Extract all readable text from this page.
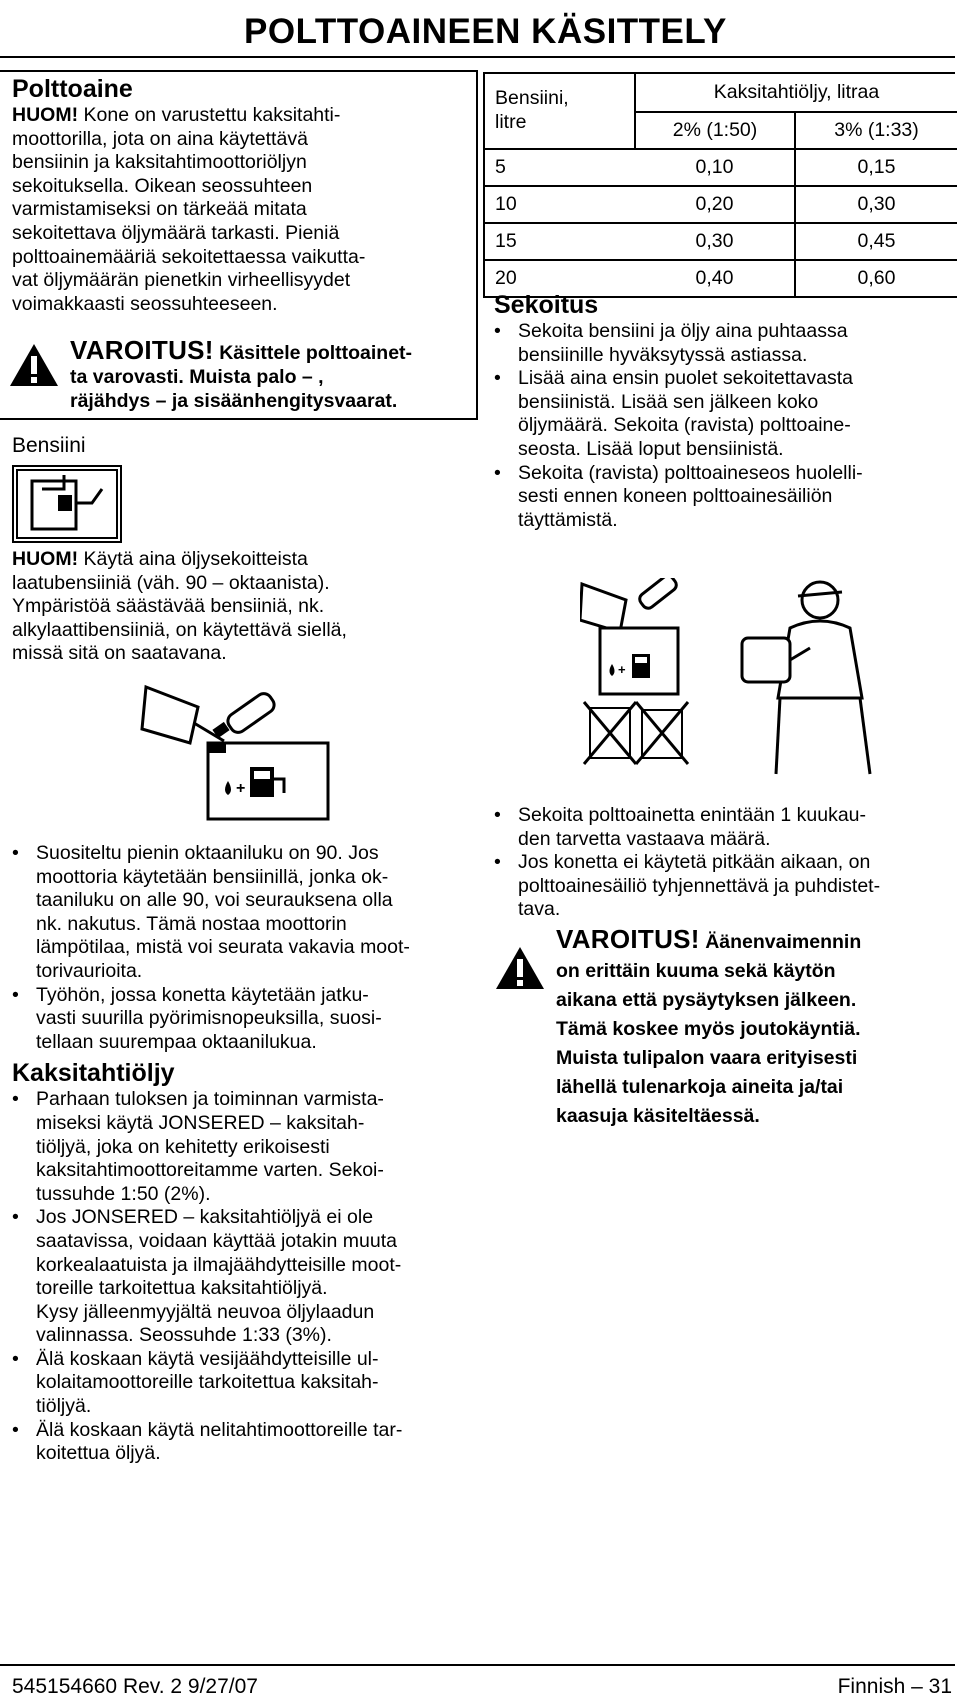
POLTTOAINEEN KÄSITTELY
Polttoaine
HUOM! Kone on varustettu kaksitahti-
moottorilla, jota on aina käytettävä
bensiinin ja kaksitahtimoottoriöljyn
sekoituksella. Oikean seossuhteen
varmistamiseksi on tärkeää mitata
sekoitettava öljymäärä tarkasti. Pieniä
polttoainemääriä sekoitettaessa vaikutta-
vat öljymäärän pienetkin virheellisyydet
voimakkaasti seossuhteeseen.
VAROITUS! Käsittele polttoainet-
ta varovasti. Muista palo – ,
räjähdys – ja sisäänhengitysvaarat.
Bensiini
HUOM! Käytä aina öljysekoitteista
laatubensiiniä (väh. 90 – oktaanista).
Ympäristöä säästävää bensiiniä, nk.
alkylaattibensiiniä, on käytettävä siellä,
missä sitä on saatavana.
+
• Suositeltu pienin oktaaniluku on 90. Jos
moottoria käytetään bensiinillä, jonka ok-
taaniluku on alle 90, voi seurauksena olla
nk. nakutus. Tämä nostaa moottorin
lämpötilaa, mistä voi seurata vakavia moot-
torivaurioita.
• Työhön, jossa konetta käytetään jatku-
vasti suurilla pyörimisnopeuksilla, suosi-
tellaan suurempaa oktaanilukua.
Kaksitahtiöljy
• Parhaan tuloksen ja toiminnan varmista-
miseksi käytä JONSERED – kaksitah-
tiöljyä, joka on kehitetty erikoisesti
kaksitahtimoottoreitamme varten. Sekoi-
tussuhde 1:50 (2%).
• Jos JONSERED – kaksitahtiöljyä ei ole
saatavissa, voidaan käyttää jotakin muuta
korkealaatuista ja ilmajäähdytteisille moot-
toreille tarkoitettua kaksitahtiöljyä.
Kysy jälleenmyyjältä neuvoa öljylaadun
valinnassa. Seossuhde 1:33 (3%).
• Älä koskaan käytä vesijäähdytteisille ul-
kolaitamoottoreille tarkoitettua kaksitah-
tiöljyä.
• Älä koskaan käytä nelitahtimoottoreille tar-
koitettua öljyä.
Bensiini,
litre	Kaksitahtiöljy, litraa	
	2% (1:50)	3% (1:33)
5	0,10	0,15
10	0,20	0,30
15	0,30	0,45
20	0,40	0,60
Sekoitus
• Sekoita bensiini ja öljy aina puhtaassa
bensiinille hyväksytyssä astiassa.
• Lisää aina ensin puolet sekoitettavasta
bensiinistä. Lisää sen jälkeen koko
öljymäärä. Sekoita (ravista) polttoaine-
seosta. Lisää loput bensiinistä.
• Sekoita (ravista) polttoaineseos huolelli-
sesti ennen koneen polttoainesäiliön
täyttämistä.
+
• Sekoita polttoainetta enintään 1 kuukau-
den tarvetta vastaava määrä.
• Jos konetta ei käytetä pitkään aikaan, on
polttoainesäiliö tyhjennettävä ja puhdistet-
tava.
VAROITUS! Äänenvaimennin
on erittäin kuuma sekä käytön
aikana että pysäytyksen jälkeen.
Tämä koskee myös joutokäyntiä.
Muista tulipalon vaara erityisesti
lähellä tulenarkoja aineita ja/tai
kaasuja käsiteltäessä.
545154660 Rev. 2 9/27/07	Finnish – 31
